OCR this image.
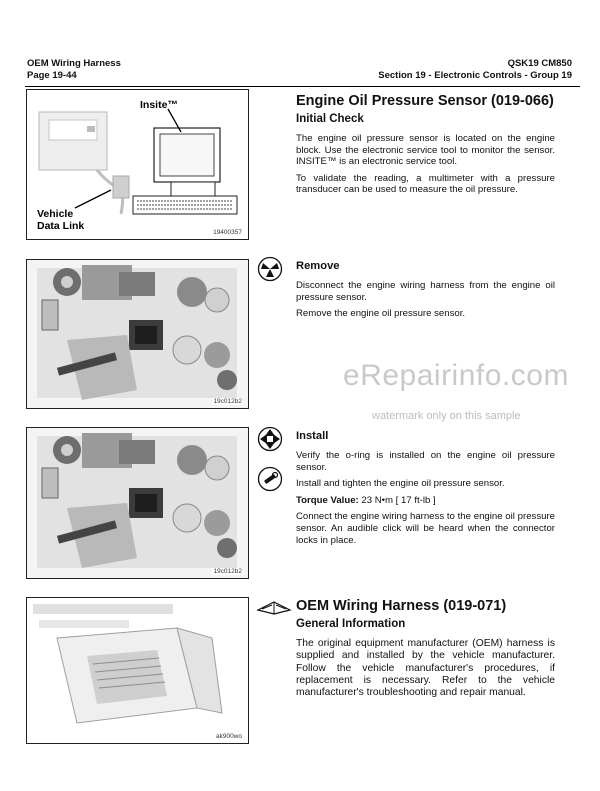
OEM Wiring Harness
Page 19-44
QSK19 CM850
Section 19 - Electronic Controls - Group 19
Insite™
Vehicle
Data Link
19400357
19c012b2
19c012b2
ak900wo
Engine Oil Pressure Sensor (019-066)
Initial Check

The engine oil pressure sensor is located on the engine block. Use the electronic service tool to monitor the sensor. INSITE™ is an electronic service tool.

To validate the reading, a multimeter with a pressure transducer can be used to measure the oil pressure.

Remove

Disconnect the engine wiring harness from the engine oil pressure sensor.

Remove the engine oil pressure sensor.

Install

Verify the o-ring is installed on the engine oil pressure sensor.

Install and tighten the engine oil pressure sensor.

Torque Value: 23 N•m [ 17 ft-lb ]

Connect the engine wiring harness to the engine oil pressure sensor. An audible click will be heard when the connector locks in place.

OEM Wiring Harness (019-071)
General Information

The original equipment manufacturer (OEM) harness is supplied and installed by the vehicle manufacturer. Follow the vehicle manufacturer's procedures, if replacement is necessary. Refer to the vehicle manufacturer's troubleshooting and repair manual.

eRepairinfo.com
watermark only on this sample
